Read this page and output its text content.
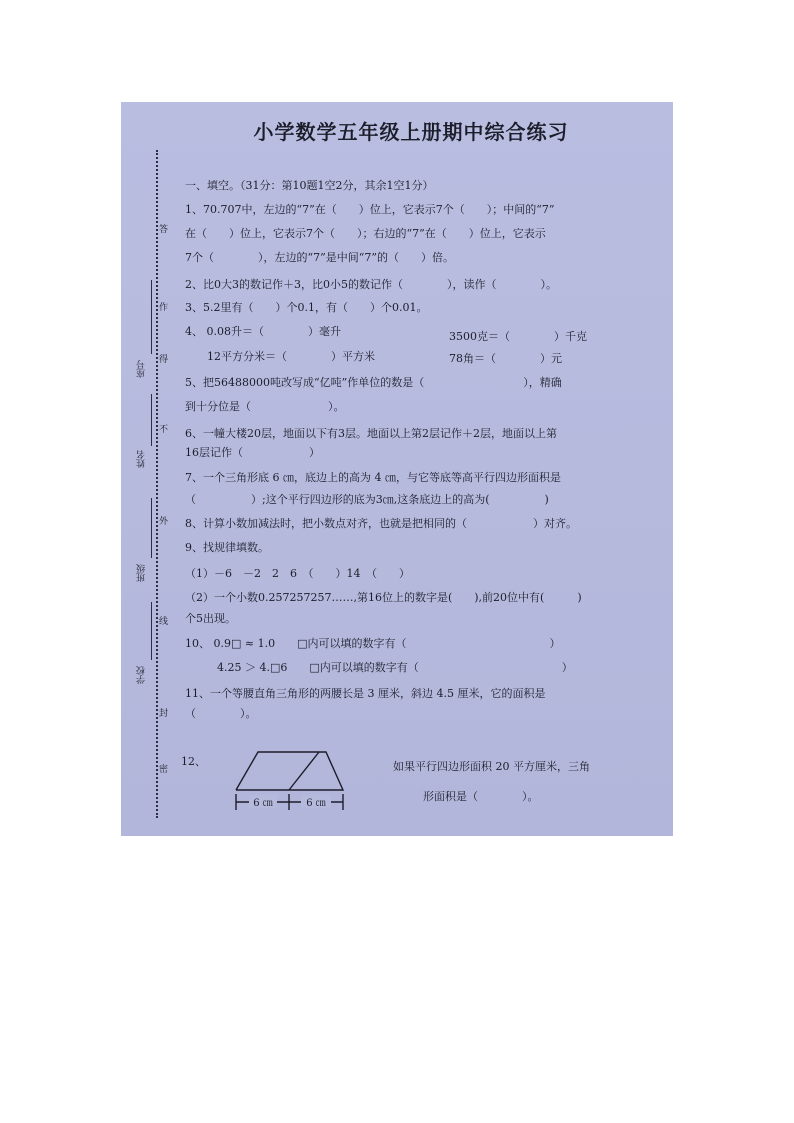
小学数学五年级上册期中综合练习
答
作
得
不
外
线
封
密
座号
姓名
班级
学校
一、填空。（31分：第10题1空2分，其余1空1分）
1、70.707中，左边的“7”在（　　）位上，它表示7个（　　）；中间的“7”
在（　　）位上，它表示7个（　　）；右边的“7”在（　　）位上，它表示
7个（　　　　），左边的“7”是中间“7”的（　　）倍。
2、比0大3的数记作＋3，比0小5的数记作（　　　　），读作（　　　　）。
3、5.2里有（　　）个0.1，有（　　）个0.01。
4、 0.08升＝（　　　　）毫升	3500克＝（　　　　）千克
12平方分米＝（　　　　）平方米	78角＝（　　　　）元
5、把56488000吨改写成“亿吨”作单位的数是（　　　　　　　　　），精确
到十分位是（　　　　　　　）。
6、一幢大楼20层，地面以下有3层。地面以上第2层记作＋2层，地面以上第
16层记作（　　　　　　）
7、一个三角形底 6 ㎝，底边上的高为 4 ㎝，与它等底等高平行四边形面积是
（　　　　　）;这个平行四边形的底为3㎝,这条底边上的高为(　　　　　)
8、计算小数加减法时，把小数点对齐，也就是把相同的（　　　　　　）对齐。
9、找规律填数。
（1）－6　－2　2　6　（　　）14　（　　）
（2）一个小数0.257257257……,第16位上的数字是(　　),前20位中有(　　　)
个5出现。
10、 0.9□ ≈ 1.0　　□内可以填的数字有（　　　　　　　　　　　　　）
4.25 ＞ 4.□6　　□内可以填的数字有（　　　　　　　　　　　　　）
11、一个等腰直角三角形的两腰长是 3 厘米，斜边 4.5 厘米，它的面积是
（　　　　）。
12、	如果平行四边形面积 20 平方厘米，三角
形面积是（　　　　）。
6 ㎝	6 ㎝
